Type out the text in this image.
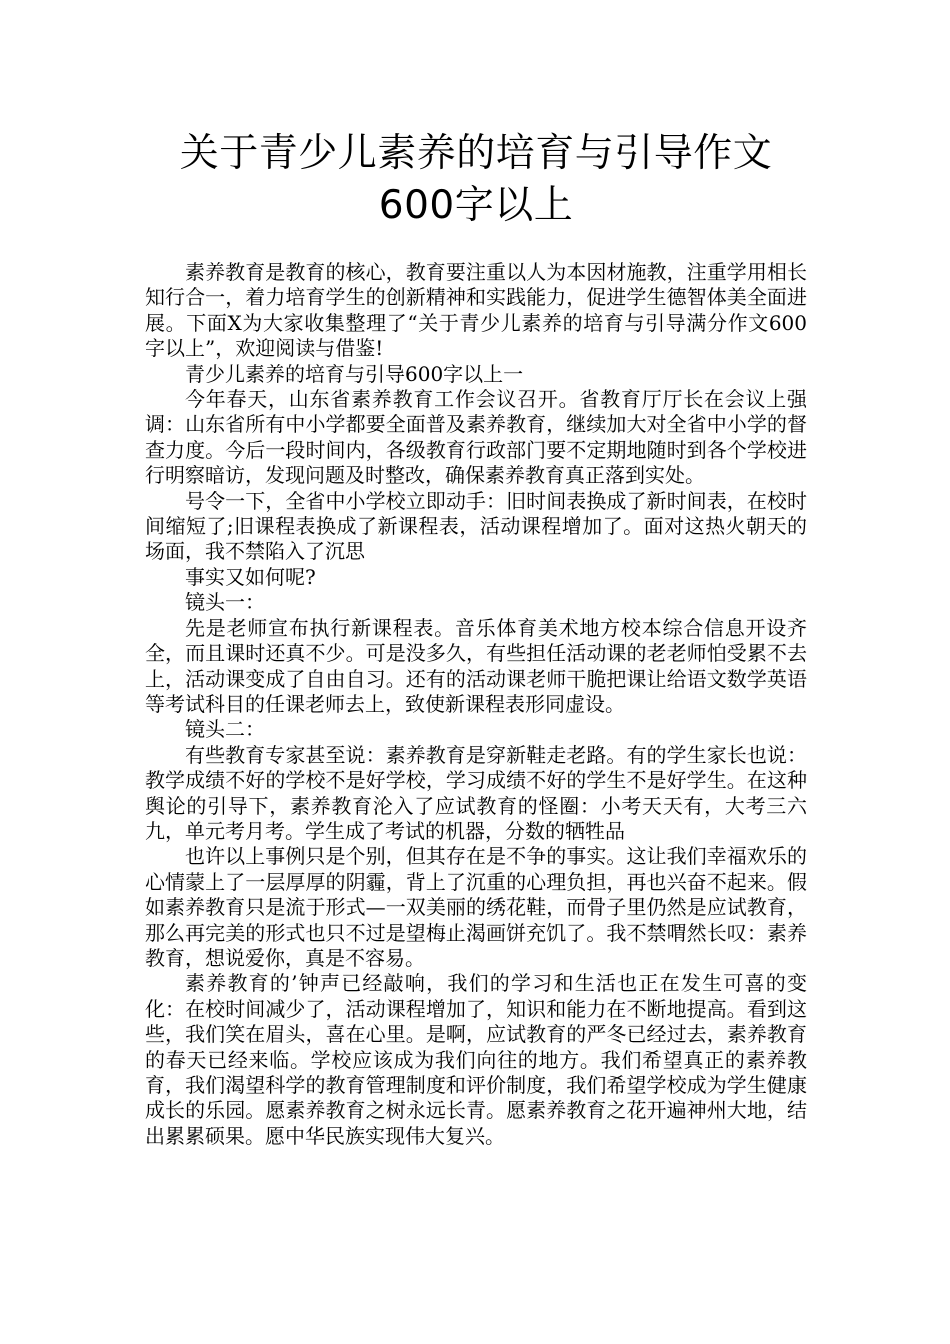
关于青少儿素养的培育与引导作文600字以上

素养教育是教育的核心，教育要注重以人为本因材施教，注重学用相长知行合一，着力培育学生的创新精神和实践能力，促进学生德智体美全面进展。下面X为大家收集整理了“关于青少儿素养的培育与引导满分作文600字以上”，欢迎阅读与借鉴!

青少儿素养的培育与引导600字以上一

今年春天，山东省素养教育工作会议召开。省教育厅厅长在会议上强调：山东省所有中小学都要全面普及素养教育，继续加大对全省中小学的督查力度。今后一段时间内，各级教育行政部门要不定期地随时到各个学校进行明察暗访，发现问题及时整改，确保素养教育真正落到实处。

号令一下，全省中小学校立即动手：旧时间表换成了新时间表，在校时间缩短了;旧课程表换成了新课程表，活动课程增加了。面对这热火朝天的场面，我不禁陷入了沉思

事实又如何呢?

镜头一：

先是老师宣布执行新课程表。音乐体育美术地方校本综合信息开设齐全，而且课时还真不少。可是没多久，有些担任活动课的老老师怕受累不去上，活动课变成了自由自习。还有的活动课老师干脆把课让给语文数学英语等考试科目的任课老师去上，致使新课程表形同虚设。

镜头二：

有些教育专家甚至说：素养教育是穿新鞋走老路。有的学生家长也说：教学成绩不好的学校不是好学校，学习成绩不好的学生不是好学生。在这种舆论的引导下，素养教育沦入了应试教育的怪圈：小考天天有，大考三六九，单元考月考。学生成了考试的机器，分数的牺牲品

也许以上事例只是个别，但其存在是不争的事实。这让我们幸福欢乐的心情蒙上了一层厚厚的阴霾，背上了沉重的心理负担，再也兴奋不起来。假如素养教育只是流于形式—一双美丽的绣花鞋，而骨子里仍然是应试教育，那么再完美的形式也只不过是望梅止渴画饼充饥了。我不禁喟然长叹：素养教育，想说爱你，真是不容易。

素养教育的’钟声已经敲响，我们的学习和生活也正在发生可喜的变化：在校时间减少了，活动课程增加了，知识和能力在不断地提高。看到这些，我们笑在眉头，喜在心里。是啊，应试教育的严冬已经过去，素养教育的春天已经来临。学校应该成为我们向往的地方。我们希望真正的素养教育，我们渴望科学的教育管理制度和评价制度，我们希望学校成为学生健康成长的乐园。愿素养教育之树永远长青。愿素养教育之花开遍神州大地，结出累累硕果。愿中华民族实现伟大复兴。
